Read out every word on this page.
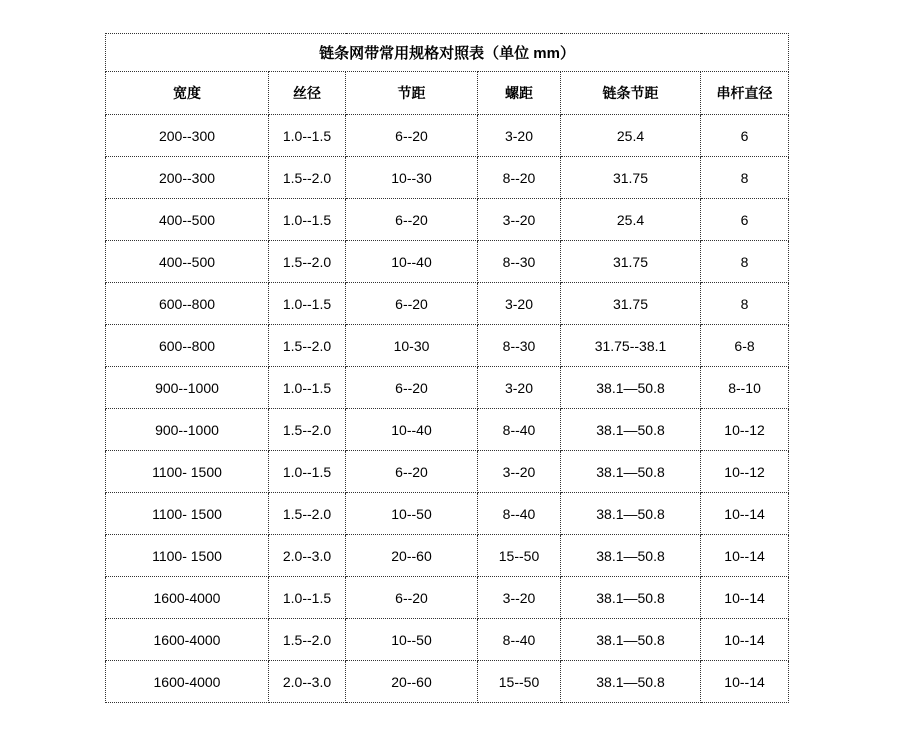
链条网带常用规格对照表（单位 mm）					
宽度	丝径	节距	螺距	链条节距	串杆直径
200--300	1.0--1.5	6--20	3-20	25.4	6
200--300	1.5--2.0	10--30	8--20	31.75	8
400--500	1.0--1.5	6--20	3--20	25.4	6
400--500	1.5--2.0	10--40	8--30	31.75	8
600--800	1.0--1.5	6--20	3-20	31.75	8
600--800	1.5--2.0	10-30	8--30	31.75--38.1	6-8
900--1000	1.0--1.5	6--20	3-20	38.1—50.8	8--10
900--1000	1.5--2.0	10--40	8--40	38.1—50.8	10--12
1100- 1500	1.0--1.5	6--20	3--20	38.1—50.8	10--12
1100- 1500	1.5--2.0	10--50	8--40	38.1—50.8	10--14
1100- 1500	2.0--3.0	20--60	15--50	38.1—50.8	10--14
1600-4000	1.0--1.5	6--20	3--20	38.1—50.8	10--14
1600-4000	1.5--2.0	10--50	8--40	38.1—50.8	10--14
1600-4000	2.0--3.0	20--60	15--50	38.1—50.8	10--14
